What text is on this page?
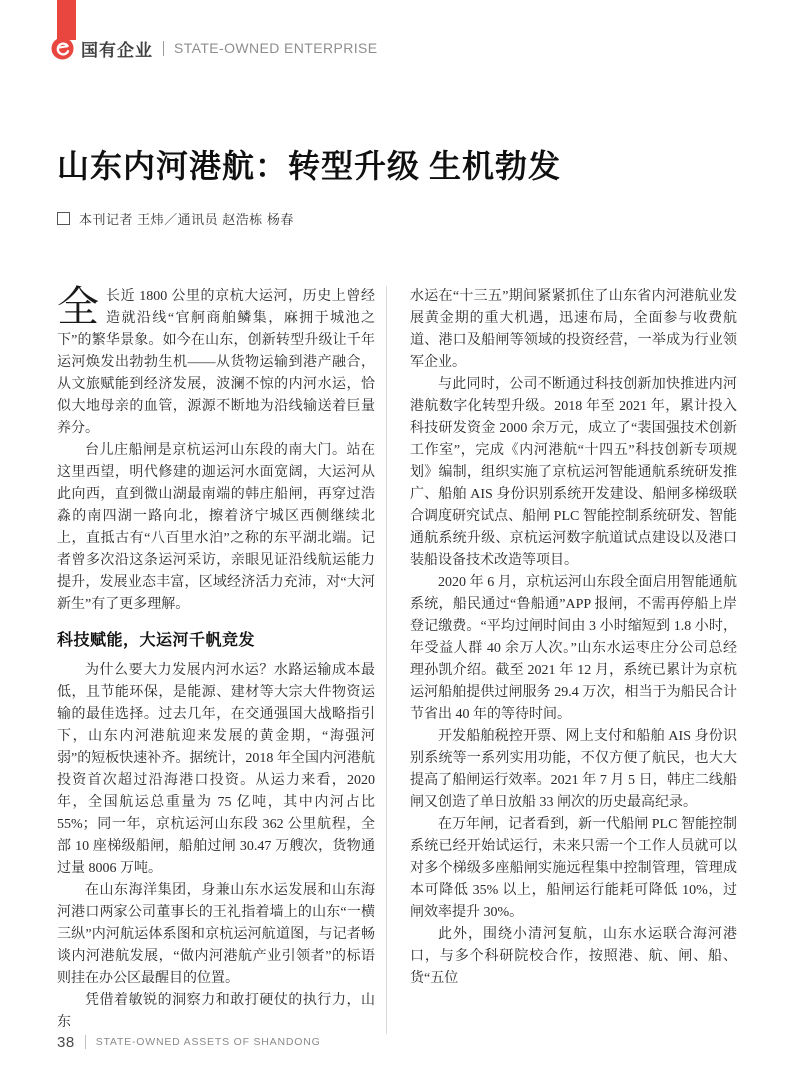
国有企业 STATE-OWNED ENTERPRISE
山东内河港航：转型升级 生机勃发
本刊记者 王炜／通讯员 赵浩栋 杨春

全长近 1800 公里的京杭大运河，历史上曾经造就沿线“官舸商舶鳞集，麻拥于城池之下”的繁华景象。如今在山东，创新转型升级让千年运河焕发出勃勃生机——从货物运输到港产融合，从文旅赋能到经济发展，波澜不惊的内河水运，恰似大地母亲的血管，源源不断地为沿线输送着巨量养分。

台儿庄船闸是京杭运河山东段的南大门。站在这里西望，明代修建的迦运河水面宽阔，大运河从此向西，直到微山湖最南端的韩庄船闸，再穿过浩淼的南四湖一路向北，擦着济宁城区西侧继续北上，直抵古有“八百里水泊”之称的东平湖北端。记者曾多次沿这条运河采访，亲眼见证沿线航运能力提升，发展业态丰富，区域经济活力充沛，对“大河新生”有了更多理解。

科技赋能，大运河千帆竞发

为什么要大力发展内河水运？水路运输成本最低，且节能环保，是能源、建材等大宗大件物资运输的最佳选择。过去几年，在交通强国大战略指引下，山东内河港航迎来发展的黄金期，“海强河弱”的短板快速补齐。据统计，2018 年全国内河港航投资首次超过沿海港口投资。从运力来看，2020 年，全国航运总重量为 75 亿吨，其中内河占比 55%；同一年，京杭运河山东段 362 公里航程，全部 10 座梯级船闸，船舶过闸 30.47 万艘次，货物通过量 8006 万吨。

在山东海洋集团，身兼山东水运发展和山东海河港口两家公司董事长的王礼指着墙上的山东“一横三纵”内河航运体系图和京杭运河航道图，与记者畅谈内河港航发展，“做内河港航产业引领者”的标语则挂在办公区最醒目的位置。

凭借着敏锐的洞察力和敢打硬仗的执行力，山东

水运在“十三五”期间紧紧抓住了山东省内河港航业发展黄金期的重大机遇，迅速布局，全面参与收费航道、港口及船闸等领域的投资经营，一举成为行业领军企业。

与此同时，公司不断通过科技创新加快推进内河港航数字化转型升级。2018 年至 2021 年，累计投入科技研发资金 2000 余万元，成立了“裴国强技术创新工作室”，完成《内河港航“十四五”科技创新专项规划》编制，组织实施了京杭运河智能通航系统研发推广、船舶 AIS 身份识别系统开发建设、船闸多梯级联合调度研究试点、船闸 PLC 智能控制系统研发、智能通航系统升级、京杭运河数字航道试点建设以及港口装船设备技术改造等项目。

2020 年 6 月，京杭运河山东段全面启用智能通航系统，船民通过“鲁船通”APP 报闸，不需再停船上岸登记缴费。“平均过闸时间由 3 小时缩短到 1.8 小时，年受益人群 40 余万人次。”山东水运枣庄分公司总经理孙凯介绍。截至 2021 年 12 月，系统已累计为京杭运河船舶提供过闸服务 29.4 万次，相当于为船民合计节省出 40 年的等待时间。

开发船舶税控开票、网上支付和船舶 AIS 身份识别系统等一系列实用功能，不仅方便了航民，也大大提高了船闸运行效率。2021 年 7 月 5 日，韩庄二线船闸又创造了单日放船 33 闸次的历史最高纪录。

在万年闸，记者看到，新一代船闸 PLC 智能控制系统已经开始试运行，未来只需一个工作人员就可以对多个梯级多座船闸实施远程集中控制管理，管理成本可降低 35% 以上，船闸运行能耗可降低 10%，过闸效率提升 30%。

此外，围绕小清河复航，山东水运联合海河港口，与多个科研院校合作，按照港、航、闸、船、货“五位

38 STATE-OWNED ASSETS OF SHANDONG
